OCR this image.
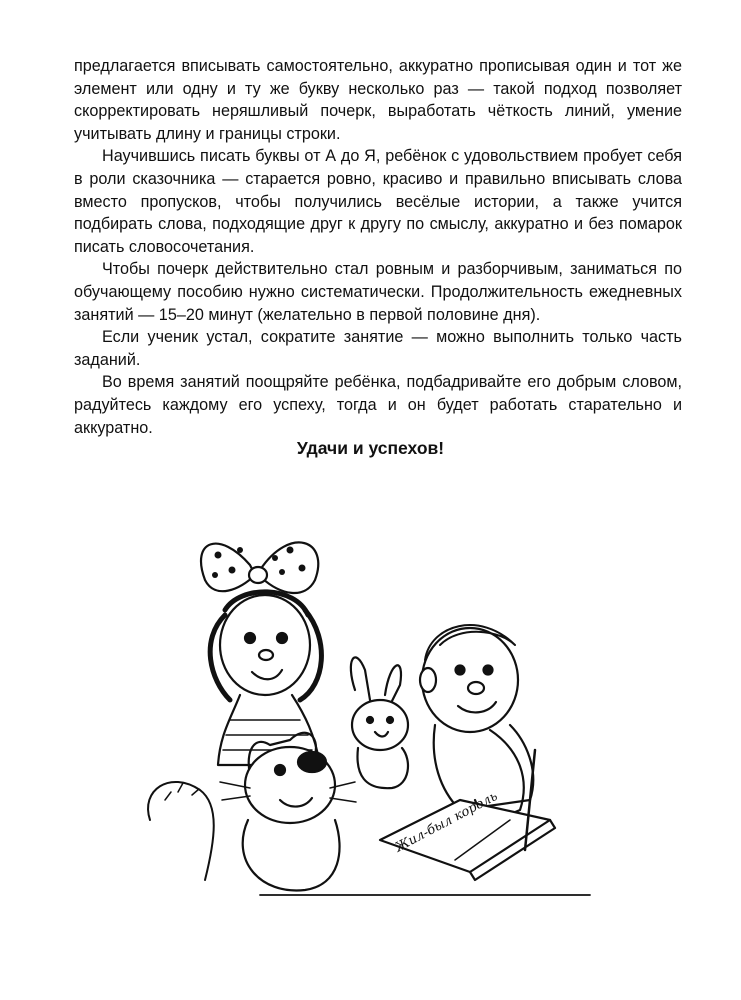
предлагается вписывать самостоятельно, аккуратно прописывая один и тот же элемент или одну и ту же букву несколько раз — такой подход позволяет скорректировать неряшливый почерк, выработать чёткость линий, умение учитывать длину и границы строки.

Научившись писать буквы от А до Я, ребёнок с удовольствием пробует себя в роли сказочника — старается ровно, красиво и правильно вписывать слова вместо пропусков, чтобы получились весёлые истории, а также учится подбирать слова, подходящие друг к другу по смыслу, аккуратно и без помарок писать словосочетания.

Чтобы почерк действительно стал ровным и разборчивым, заниматься по обучающему пособию нужно систематически. Продолжительность ежедневных занятий — 15–20 минут (желательно в первой половине дня).

Если ученик устал, сократите занятие — можно выполнить только часть заданий.

Во время занятий поощряйте ребёнка, подбадривайте его добрым словом, радуйтесь каждому его успеху, тогда и он будет работать старательно и аккуратно.

Удачи и успехов!
Жил-был король
